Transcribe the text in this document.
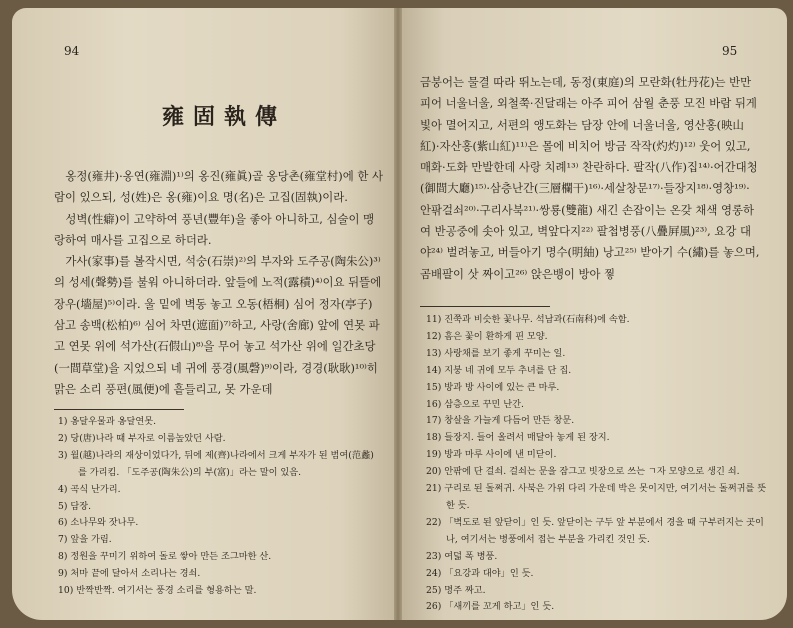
94
雍固執傳

옹정(雍井)·옹연(雍淵)¹⁾의 옹진(雍眞)골 옹당촌(雍堂村)에 한 사람이 있으되, 성(姓)은 옹(雍)이요 명(名)은 고집(固執)이라.

성벽(性癖)이 고약하여 풍년(豐年)을 좋아 아니하고, 심술이 맹랑하여 매사를 고집으로 하더라.

가사(家事)를 볼작시면, 석숭(石崇)²⁾의 부자와 도주공(陶朱公)³⁾의 성세(聲勢)를 불워 아니하더라. 앞들에 노적(露積)⁴⁾이요 뒤뜰에 장우(墻屋)⁵⁾이라. 울 밑에 벽동 놓고 오동(梧桐) 심어 정자(亭子) 삼고 송백(松柏)⁶⁾ 심어 차면(遮面)⁷⁾하고, 사랑(舍廊) 앞에 연못 파고 연못 위에 석가산(石假山)⁸⁾을 무어 놓고 석가산 위에 일간초당(一間草堂)을 지었으되 네 귀에 풍경(風磬)⁹⁾이라, 경경(耿耿)¹⁰⁾히 맑은 소리 풍편(風便)에 흩들리고, 못 가운데

1) 옹달우물과 옹달연못.
2) 당(唐)나라 때 부자로 이름높았던 사람.
3) 월(越)나라의 재상이었다가, 뒤에 제(齊)나라에서 크게 부자가 된 범여(范蠡)를 가리킴. 「도주공(陶朱公)의 부(富)」라는 말이 있음.
4) 곡식 난가리.
5) 담장.
6) 소나무와 잣나무.
7) 앞을 가림.
8) 정원을 꾸미기 위하여 돌로 쌓아 만든 조그마한 산.
9) 처마 끝에 달아서 소리나는 경쇠.
10) 반짝반짝. 여기서는 풍경 소리를 형용하는 말.
95

금붕어는 물결 따라 뛰노는데, 동정(東庭)의 모란화(牡丹花)는 반만 피어 너울너울, 외철쭉·진달래는 아주 피어 삼월 춘풍 모진 바람 뒤게 빛아 멸어지고, 서편의 앵도화는 담장 안에 너울너울, 영산홍(映山紅)·자산홍(紫山紅)¹¹⁾은 몰에 비치어 방금 작작(灼灼)¹²⁾ 웃어 있고, 매화·도화 만발한데 사랑 치례¹³⁾ 찬란하다. 팔작(八作)집¹⁴⁾·어간대청(御間大廳)¹⁵⁾·삼층난간(三層欄干)¹⁶⁾·세살창문¹⁷⁾·들장지¹⁸⁾·영창¹⁹⁾·안팎걸쇠²⁰⁾·구리사북²¹⁾·쌍룡(雙龍) 새긴 손잡이는 온갖 채색 영롱하여 반공중에 솟아 있고, 벽앞다지²²⁾ 팔첩병풍(八疊屛風)²³⁾, 요강 대야²⁴⁾ 벌려놓고, 버들아기 명수(明紬) 낭고²⁵⁾ 받아기 수(繡)를 놓으며, 곰배팔이 삿 짜이고²⁶⁾ 앉은뱅이 방아 찧

11) 진쭉과 비슷한 꽃나무. 석남과(石南科)에 속함.
12) 흠은 꽃이 환하게 핀 모양.
13) 사랑채를 보기 좋게 꾸미는 일.
14) 지붕 네 귀에 모두 추녀를 단 집.
15) 방과 방 사이에 있는 큰 마루.
16) 삼층으로 꾸민 난간.
17) 창살을 가늘게 다듬어 만든 창문.
18) 들장지. 들어 올려서 매달아 놓게 된 장지.
19) 방과 마루 사이에 낸 미닫이.
20) 안팎에 단 걸쇠. 걸쇠는 문을 잠그고 빗장으로 쓰는 ㄱ자 모양으로 생긴 쇠.
21) 구리로 된 돌쩌귀. 사북은 가위 다리 가운데 박은 못이지만, 여기서는 돌쩌귀를 뜻한 듯.
22) 「벽도로 된 앞닫이」인 듯. 앞닫이는 구두 앞 부분에서 경을 때 구부러지는 곳이나, 여기서는 병풍에서 접는 부분을 가리킨 것인 듯.
23) 여덟 폭 병풍.
24) 「요강과 대야」인 듯.
25) 명주 짜고.
26) 「새끼를 꼬게 하고」인 듯.
